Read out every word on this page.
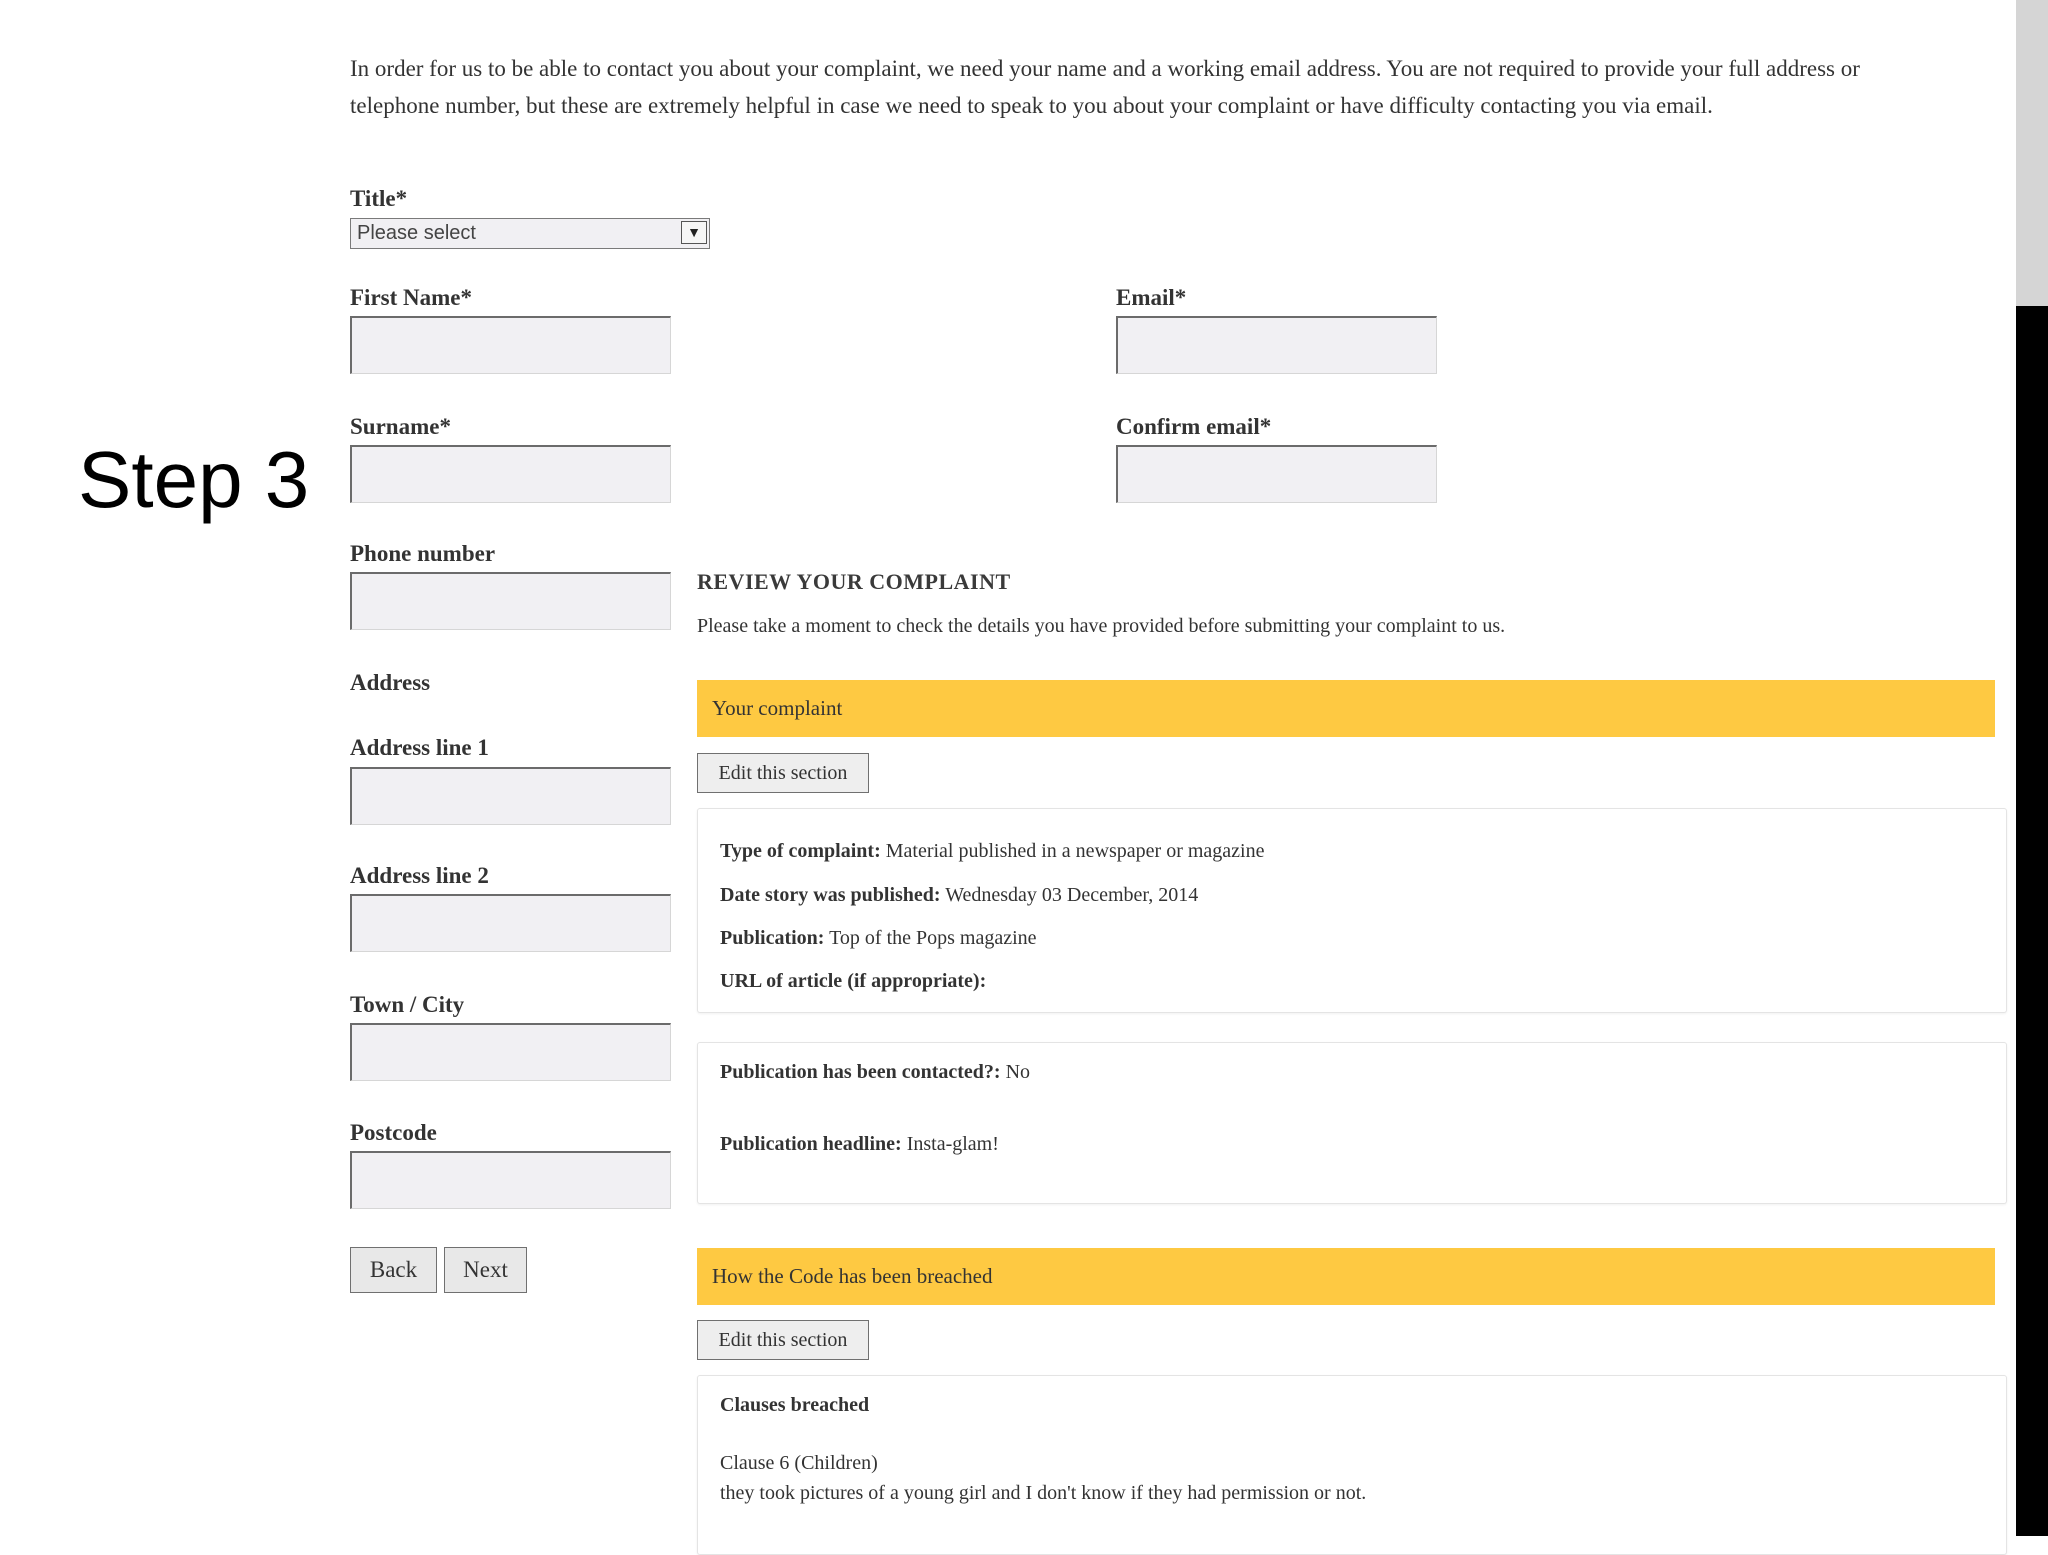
Step 3
In order for us to be able to contact you about your complaint, we need your name and a working email address. You are not required to provide your full address or telephone number, but these are extremely helpful in case we need to speak to you about your complaint or have difficulty contacting you via email.
Title*
Please select	▼
First Name*
Surname*
Phone number
Address
Address line 1
Address line 2
Town / City
Postcode
Email*
Confirm email*
Back	Next
REVIEW YOUR COMPLAINT
Please take a moment to check the details you have provided before submitting your complaint to us.
Your complaint
Edit this section
Type of complaint: Material published in a newspaper or magazine
Date story was published: Wednesday 03 December, 2014
Publication: Top of the Pops magazine
URL of article (if appropriate):
Publication has been contacted?: No
Publication headline: Insta-glam!
How the Code has been breached
Edit this section
Clauses breached
Clause 6 (Children)
they took pictures of a young girl and I don't know if they had permission or not.
